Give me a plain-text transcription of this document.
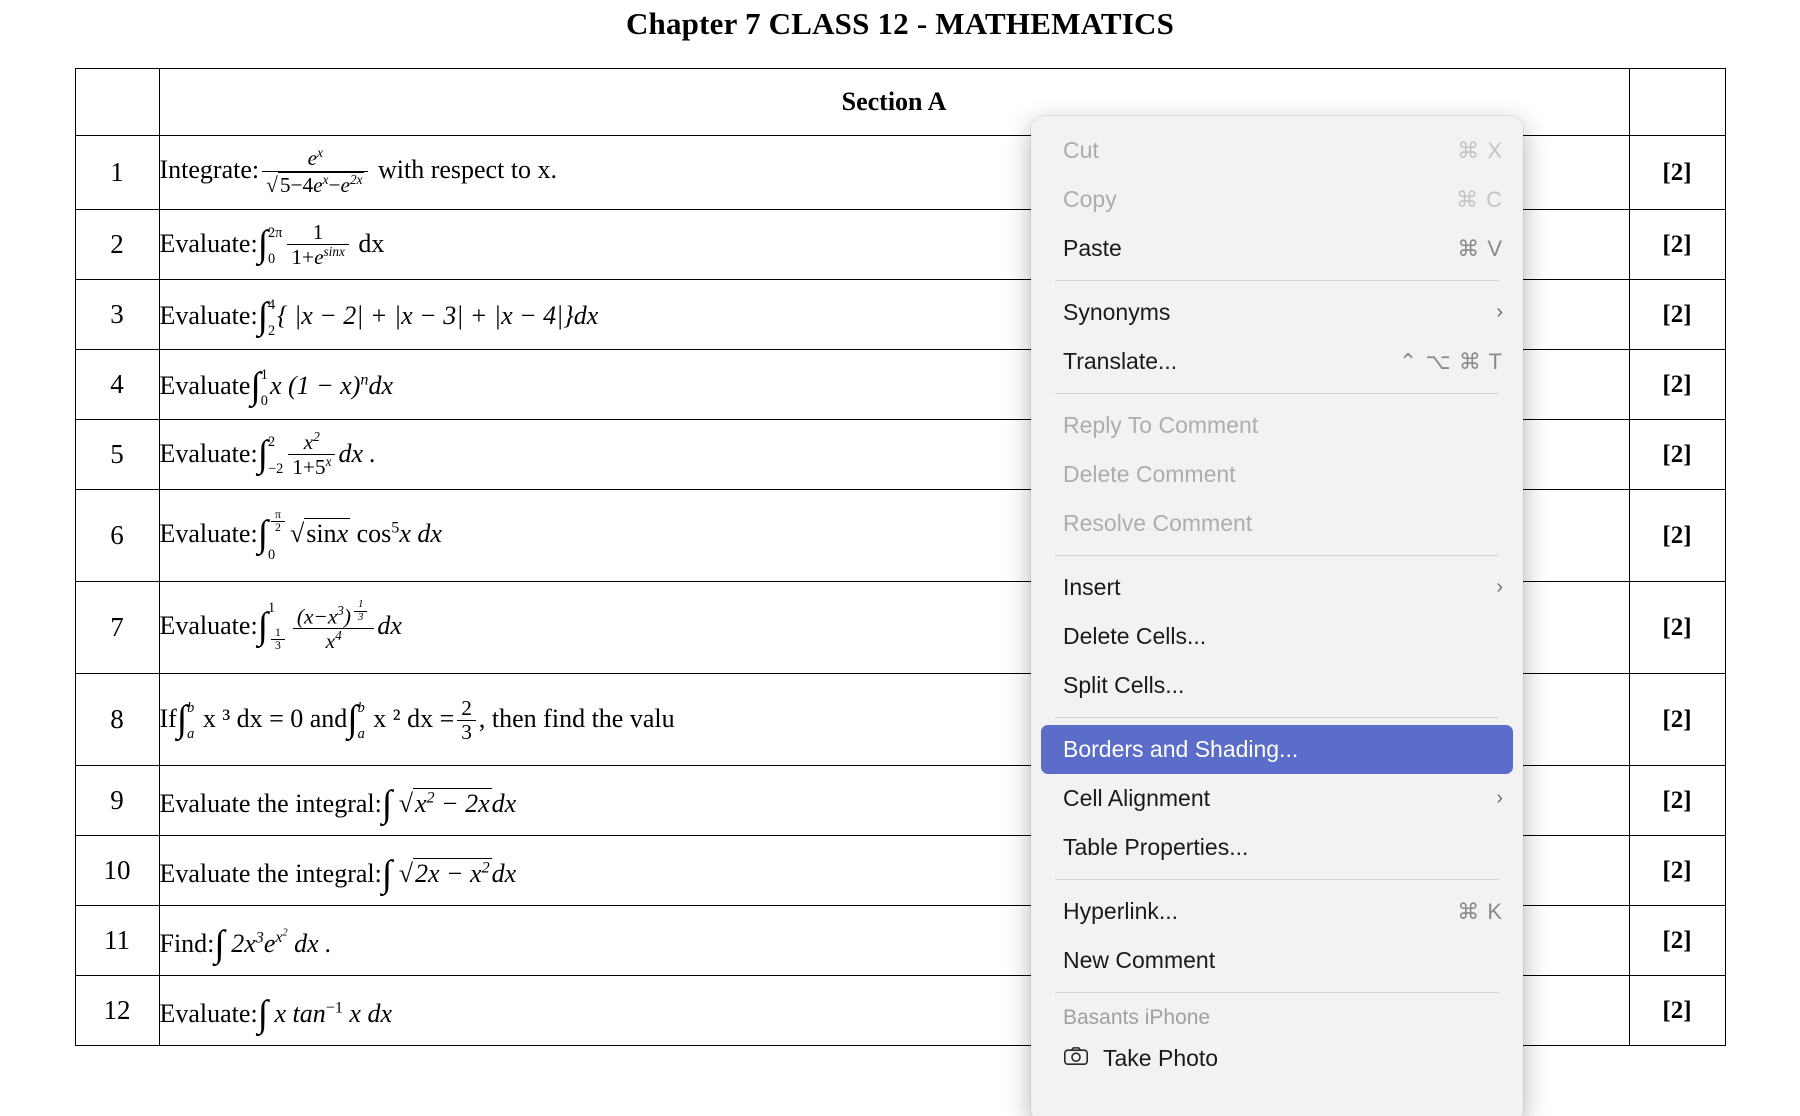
Chapter 7 CLASS 12 - MATHEMATICS
	Section A	
1	Integrate: $\frac{e^x}{√5-4e^x-e^{2x}}$ with respect to x.	[2]
2	Evaluate:∫ 2π
$0 \frac{1}{1+e^{sinx}}$ dx	[2]
3	Evaluate:∫ 4
2
{ |x − 2| + |x − 3| + |x − 4|}dx	[2]
4	Evaluate∫ 1
0
x $(1 - x)^ndx$	[2]
5	Evaluate:∫ 2
$-2 \frac{x^2}{1+5^x}$ dx .	[2]
6	Evaluate:∫ $\frac{\pi}{2}$
0
√sinx $\cos^5x$ dx	[2]
7	Evaluate:∫ 1
$\frac{1}{3} (x-x^3)$ $^{\frac{1}{3}}$
$x^4$ dx	[2]
8	If∫ b
a
x ³ dx = 0 and∫ b
a
x ² dx = $\frac{2}{3}$ , then find the valu	[2]
9	Evaluate the integral:∫ $√x^2 - 2xdx$	[2]
10	Evaluate the integral:∫ $√2x - x^2dx$	[2]
11	Find:∫ $2x^3e^{x^2}$ dx .	[2]
12	Evaluate:∫ x $\tan^{-1} x$ dx	[2]
Cut	⌘ X
Copy	⌘ C
Paste	⌘ V
Synonyms	›
Translate...	⌃ ⌥ ⌘ T
Reply To Comment
Delete Comment
Resolve Comment
Insert	›
Delete Cells...
Split Cells...
Borders and Shading...
Cell Alignment	›
Table Properties...
Hyperlink...	⌘ K
New Comment
Basants iPhone
Take Photo
